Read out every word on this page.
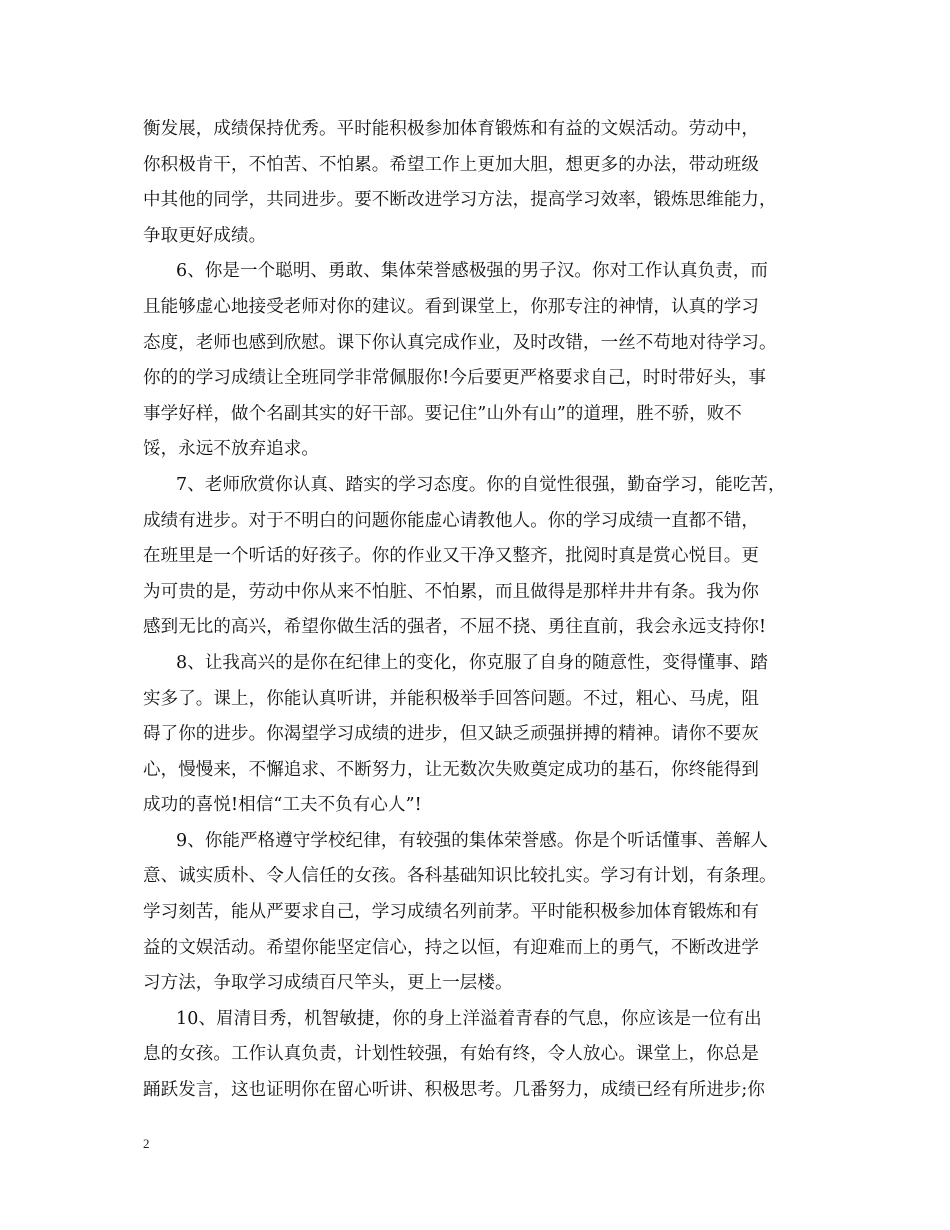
衡发展，成绩保持优秀。平时能积极参加体育锻炼和有益的文娱活动。劳动中，
你积极肯干，不怕苦、不怕累。希望工作上更加大胆，想更多的办法，带动班级
中其他的同学，共同进步。要不断改进学习方法，提高学习效率，锻炼思维能力，
争取更好成绩。
6、你是一个聪明、勇敢、集体荣誉感极强的男子汉。你对工作认真负责，而
且能够虚心地接受老师对你的建议。看到课堂上，你那专注的神情，认真的学习
态度，老师也感到欣慰。课下你认真完成作业，及时改错，一丝不苟地对待学习。
你的的学习成绩让全班同学非常佩服你!今后要更严格要求自己，时时带好头，事
事学好样，做个名副其实的好干部。要记住”山外有山”的道理，胜不骄，败不
馁，永远不放弃追求。
7、老师欣赏你认真、踏实的学习态度。你的自觉性很强，勤奋学习，能吃苦，
成绩有进步。对于不明白的问题你能虚心请教他人。你的学习成绩一直都不错，
在班里是一个听话的好孩子。你的作业又干净又整齐，批阅时真是赏心悦目。更
为可贵的是，劳动中你从来不怕脏、不怕累，而且做得是那样井井有条。我为你
感到无比的高兴，希望你做生活的强者，不屈不挠、勇往直前，我会永远支持你!
8、让我高兴的是你在纪律上的变化，你克服了自身的随意性，变得懂事、踏
实多了。课上，你能认真听讲，并能积极举手回答问题。不过，粗心、马虎，阻
碍了你的进步。你渴望学习成绩的进步，但又缺乏顽强拼搏的精神。请你不要灰
心，慢慢来，不懈追求、不断努力，让无数次失败奠定成功的基石，你终能得到
成功的喜悦!相信“工夫不负有心人”!
9、你能严格遵守学校纪律，有较强的集体荣誉感。你是个听话懂事、善解人
意、诚实质朴、令人信任的女孩。各科基础知识比较扎实。学习有计划，有条理。
学习刻苦，能从严要求自己，学习成绩名列前茅。平时能积极参加体育锻炼和有
益的文娱活动。希望你能坚定信心，持之以恒，有迎难而上的勇气，不断改进学
习方法，争取学习成绩百尺竿头，更上一层楼。
10、眉清目秀，机智敏捷，你的身上洋溢着青春的气息，你应该是一位有出
息的女孩。工作认真负责，计划性较强，有始有终，令人放心。课堂上，你总是
踊跃发言，这也证明你在留心听讲、积极思考。几番努力，成绩已经有所进步;你
2
